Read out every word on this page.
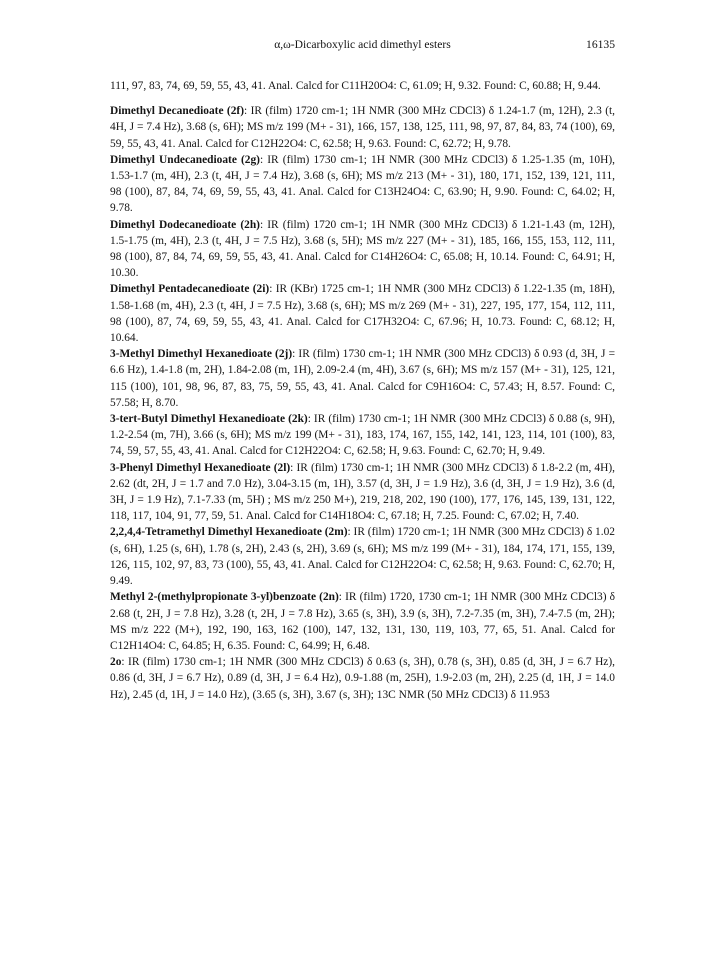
α,ω-Dicarboxylic acid dimethyl esters	16135

111, 97, 83, 74, 69, 59, 55, 43, 41. Anal. Calcd for C11H20O4: C, 61.09; H, 9.32. Found: C, 60.88; H, 9.44.

Dimethyl Decanedioate (2f): IR (film) 1720 cm-1; 1H NMR (300 MHz CDCl3) δ 1.24-1.7 (m, 12H), 2.3 (t, 4H, J = 7.4 Hz), 3.68 (s, 6H); MS m/z 199 (M+ - 31), 166, 157, 138, 125, 111, 98, 97, 87, 84, 83, 74 (100), 69, 59, 55, 43, 41. Anal. Calcd for C12H22O4: C, 62.58; H, 9.63. Found: C, 62.72; H, 9.78.

Dimethyl Undecanedioate (2g): IR (film) 1730 cm-1; 1H NMR (300 MHz CDCl3) δ 1.25-1.35 (m, 10H), 1.53-1.7 (m, 4H), 2.3 (t, 4H, J = 7.4 Hz), 3.68 (s, 6H); MS m/z 213 (M+ - 31), 180, 171, 152, 139, 121, 111, 98 (100), 87, 84, 74, 69, 59, 55, 43, 41. Anal. Calcd for C13H24O4: C, 63.90; H, 9.90. Found: C, 64.02; H, 9.78.

Dimethyl Dodecanedioate (2h): IR (film) 1720 cm-1; 1H NMR (300 MHz CDCl3) δ 1.21-1.43 (m, 12H), 1.5-1.75 (m, 4H), 2.3 (t, 4H, J = 7.5 Hz), 3.68 (s, 5H); MS m/z 227 (M+ - 31), 185, 166, 155, 153, 112, 111, 98 (100), 87, 84, 74, 69, 59, 55, 43, 41. Anal. Calcd for C14H26O4: C, 65.08; H, 10.14. Found: C, 64.91; H, 10.30.

Dimethyl Pentadecanedioate (2i): IR (KBr) 1725 cm-1; 1H NMR (300 MHz CDCl3) δ 1.22-1.35 (m, 18H), 1.58-1.68 (m, 4H), 2.3 (t, 4H, J = 7.5 Hz), 3.68 (s, 6H); MS m/z 269 (M+ - 31), 227, 195, 177, 154, 112, 111, 98 (100), 87, 74, 69, 59, 55, 43, 41. Anal. Calcd for C17H32O4: C, 67.96; H, 10.73. Found: C, 68.12; H, 10.64.

3-Methyl Dimethyl Hexanedioate (2j): IR (film) 1730 cm-1; 1H NMR (300 MHz CDCl3) δ 0.93 (d, 3H, J = 6.6 Hz), 1.4-1.8 (m, 2H), 1.84-2.08 (m, 1H), 2.09-2.4 (m, 4H), 3.67 (s, 6H); MS m/z 157 (M+ - 31), 125, 121, 115 (100), 101, 98, 96, 87, 83, 75, 59, 55, 43, 41. Anal. Calcd for C9H16O4: C, 57.43; H, 8.57. Found: C, 57.58; H, 8.70.

3-tert-Butyl Dimethyl Hexanedioate (2k): IR (film) 1730 cm-1; 1H NMR (300 MHz CDCl3) δ 0.88 (s, 9H), 1.2-2.54 (m, 7H), 3.66 (s, 6H); MS m/z 199 (M+ - 31), 183, 174, 167, 155, 142, 141, 123, 114, 101 (100), 83, 74, 59, 57, 55, 43, 41. Anal. Calcd for C12H22O4: C, 62.58; H, 9.63. Found: C, 62.70; H, 9.49.

3-Phenyl Dimethyl Hexanedioate (2l): IR (film) 1730 cm-1; 1H NMR (300 MHz CDCl3) δ 1.8-2.2 (m, 4H), 2.62 (dt, 2H, J = 1.7 and 7.0 Hz), 3.04-3.15 (m, 1H), 3.57 (d, 3H, J = 1.9 Hz), 3.6 (d, 3H, J = 1.9 Hz), 3.6 (d, 3H, J = 1.9 Hz), 7.1-7.33 (m, 5H) ; MS m/z 250 M+), 219, 218, 202, 190 (100), 177, 176, 145, 139, 131, 122, 118, 117, 104, 91, 77, 59, 51. Anal. Calcd for C14H18O4: C, 67.18; H, 7.25. Found: C, 67.02; H, 7.40.

2,2,4,4-Tetramethyl Dimethyl Hexanedioate (2m): IR (film) 1720 cm-1; 1H NMR (300 MHz CDCl3) δ 1.02 (s, 6H), 1.25 (s, 6H), 1.78 (s, 2H), 2.43 (s, 2H), 3.69 (s, 6H); MS m/z 199 (M+ - 31), 184, 174, 171, 155, 139, 126, 115, 102, 97, 83, 73 (100), 55, 43, 41. Anal. Calcd for C12H22O4: C, 62.58; H, 9.63. Found: C, 62.70; H, 9.49.

Methyl 2-(methylpropionate 3-yl)benzoate (2n): IR (film) 1720, 1730 cm-1; 1H NMR (300 MHz CDCl3) δ 2.68 (t, 2H, J = 7.8 Hz), 3.28 (t, 2H, J = 7.8 Hz), 3.65 (s, 3H), 3.9 (s, 3H), 7.2-7.35 (m, 3H), 7.4-7.5 (m, 2H); MS m/z 222 (M+), 192, 190, 163, 162 (100), 147, 132, 131, 130, 119, 103, 77, 65, 51. Anal. Calcd for C12H14O4: C, 64.85; H, 6.35. Found: C, 64.99; H, 6.48.

2o: IR (film) 1730 cm-1; 1H NMR (300 MHz CDCl3) δ 0.63 (s, 3H), 0.78 (s, 3H), 0.85 (d, 3H, J = 6.7 Hz), 0.86 (d, 3H, J = 6.7 Hz), 0.89 (d, 3H, J = 6.4 Hz), 0.9-1.88 (m, 25H), 1.9-2.03 (m, 2H), 2.25 (d, 1H, J = 14.0 Hz), 2.45 (d, 1H, J = 14.0 Hz), (3.65 (s, 3H), 3.67 (s, 3H); 13C NMR (50 MHz CDCl3) δ 11.953
